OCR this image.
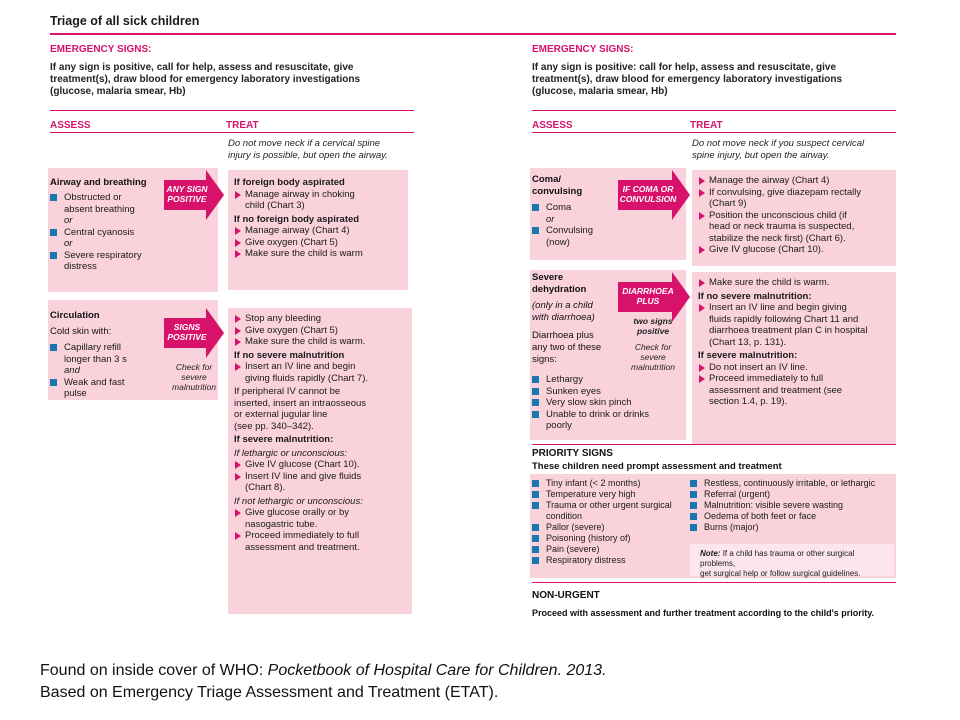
Triage of all sick children
EMERGENCY SIGNS:
If any sign is positive, call for help, assess and resuscitate, give
treatment(s), draw blood for emergency laboratory investigations
(glucose, malaria smear, Hb)
ASSESS	TREAT
Do not move neck if a cervical spine
injury is possible, but open the airway.
Airway and breathing
Obstructed or
absent breathing
or
Central cyanosis
or
Severe respiratory
distress
ANY SIGN
POSITIVE
If foreign body aspirated
Manage airway in choking
child (Chart 3)
If no foreign body aspirated
Manage airway (Chart 4)
Give oxygen (Chart 5)
Make sure the child is warm
Circulation
Cold skin with:
Capillary refill
longer than 3 s
and
Weak and fast
pulse
SIGNS
POSITIVE
Check for
severe
malnutrition
Stop any bleeding
Give oxygen (Chart 5)
Make sure the child is warm.
If no severe malnutrition
Insert an IV line and begin
giving fluids rapidly (Chart 7).
If peripheral IV cannot be
inserted, insert an intraosseous
or external jugular line
(see pp. 340–342).
If severe malnutrition:
If lethargic or unconscious:
Give IV glucose (Chart 10).
Insert IV line and give fluids
(Chart 8).
If not lethargic or unconscious:
Give glucose orally or by
nasogastric tube.
Proceed immediately to full
assessment and treatment.
EMERGENCY SIGNS:
If any sign is positive: call for help, assess and resuscitate, give
treatment(s), draw blood for emergency laboratory investigations
(glucose, malaria smear, Hb)
ASSESS	TREAT
Do not move neck if you suspect cervical
spine injury, but open the airway.
Coma/
convulsing
Coma
or
Convulsing
(now)
IF COMA OR
CONVULSION
Manage the airway (Chart 4)
If convulsing, give diazepam rectally
(Chart 9)
Position the unconscious child (if
head or neck trauma is suspected,
stabilize the neck first) (Chart 6).
Give IV glucose (Chart 10).
Severe
dehydration
(only in a child
with diarrhoea)
Diarrhoea plus
any two of these
signs:
Lethargy
Sunken eyes
Very slow skin pinch
Unable to drink or drinks
poorly
DIARRHOEA
PLUS
two signs
positive
Check for
severe
malnutrition
Make sure the child is warm.
If no severe malnutrition:
Insert an IV line and begin giving
fluids rapidly following Chart 11 and
diarrhoea treatment plan C in hospital
(Chart 13, p. 131).
If severe malnutrition:
Do not insert an IV line.
Proceed immediately to full
assessment and treatment (see
section 1.4, p. 19).
PRIORITY SIGNS
These children need prompt assessment and treatment
Tiny infant (< 2 months)
Temperature very high
Trauma or other urgent surgical
condition
Pallor (severe)
Poisoning (history of)
Pain (severe)
Respiratory distress
Restless, continuously irritable, or lethargic
Referral (urgent)
Malnutrition: visible severe wasting
Oedema of both feet or face
Burns (major)
Note: If a child has trauma or other surgical problems,
get surgical help or follow surgical guidelines.
NON-URGENT
Proceed with assessment and further treatment according to the child's priority.
Found on inside cover of WHO: Pocketbook of Hospital Care for Children. 2013.
Based on Emergency Triage Assessment and Treatment (ETAT).
